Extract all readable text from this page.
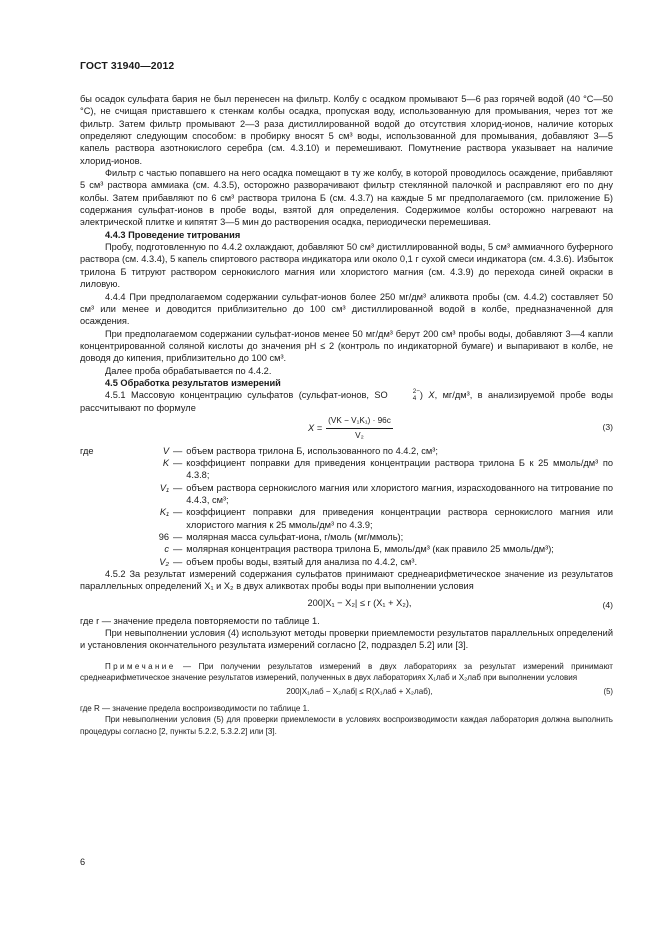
ГОСТ 31940—2012

бы осадок сульфата бария не был перенесен на фильтр. Колбу с осадком промывают 5—6 раз горячей водой (40 °С—50 °С), не счищая приставшего к стенкам колбы осадка, пропуская воду, использованную для промывания, через тот же фильтр. Затем фильтр промывают 2—3 раза дистиллированной водой до отсутствия хлорид-ионов, наличие которых определяют следующим способом: в пробирку вносят 5 см³ воды, использованной для промывания, добавляют 3—5 капель раствора азотнокислого серебра (см. 4.3.10) и перемешивают. Помутнение раствора указывает на наличие хлорид-ионов.

Фильтр с частью попавшего на него осадка помещают в ту же колбу, в которой проводилось осаждение, прибавляют 5 см³ раствора аммиака (см. 4.3.5), осторожно разворачивают фильтр стеклянной палочкой и расправляют его по дну колбы. Затем прибавляют по 6 см³ раствора трилона Б (см. 4.3.7) на каждые 5 мг предполагаемого (см. приложение Б) содержания сульфат-ионов в пробе воды, взятой для определения. Содержимое колбы осторожно нагревают на электрической плитке и кипятят 3—5 мин до растворения осадка, периодически перемешивая.

4.4.3 Проведение титрования

Пробу, подготовленную по 4.4.2 охлаждают, добавляют 50 см³ дистиллированной воды, 5 см³ аммиачного буферного раствора (см. 4.3.4), 5 капель спиртового раствора индикатора или около 0,1 г сухой смеси индикатора (см. 4.3.6). Избыток трилона Б титруют раствором сернокислого магния или хлористого магния (см. 4.3.9) до перехода синей окраски в лиловую.

4.4.4 При предполагаемом содержании сульфат-ионов более 250 мг/дм³ аликвота пробы (см. 4.4.2) составляет 50 см³ или менее и доводится приблизительно до 100 см³ дистиллированной водой в колбе, предназначенной для осаждения.

При предполагаемом содержании сульфат-ионов менее 50 мг/дм³ берут 200 см³ пробы воды, добавляют 3—4 капли концентрированной соляной кислоты до значения pH ≤ 2 (контроль по индикаторной бумаге) и выпаривают в колбе, не доводя до кипения, приблизительно до 100 см³.

Далее проба обрабатывается по 4.4.2.

4.5 Обработка результатов измерений

4.5.1 Массовую концентрацию сульфатов (сульфат-ионов, SO	2−
4 ) X, мг/дм³, в анализируемой пробе воды рассчитывают по формуле

$X = \frac{\text{(VK − V₁K₁) · 96c}}{\text{V₂}}$	(3)
где	V — объем раствора трилона Б, использованного по 4.4.2, см³;
K — коэффициент поправки для приведения концентрации раствора трилона Б к 25 ммоль/дм³ по 4.3.8;
V₁ — объем раствора сернокислого магния или хлористого магния, израсходованного на титрование по 4.4.3, см³;
K₁ — коэффициент поправки для приведения концентрации раствора сернокислого магния или хлористого магния к 25 ммоль/дм³ по 4.3.9;
96 — молярная масса сульфат-иона, г/моль (мг/ммоль);
c — молярная концентрация раствора трилона Б, ммоль/дм³ (как правило 25 ммоль/дм³);
V₂ — объем пробы воды, взятый для анализа по 4.4.2, см³.

4.5.2 За результат измерений содержания сульфатов принимают среднеарифметическое значение из результатов параллельных определений X₁ и X₂ в двух аликвотах пробы воды при выполнении условия

200|X₁ − X₂| ≤ r (X₁ + X₂),	(4)

где r — значение предела повторяемости по таблице 1.

При невыполнении условия (4) используют методы проверки приемлемости результатов параллельных определений и установления окончательного результата измерений согласно [2, подраздел 5.2] или [3].

Примечание — При получении результатов измерений в двух лабораториях за результат измерений принимают среднеарифметическое значение результатов измерений, полученных в двух лабораториях X₁лаб и X₂лаб при выполнении условия

200|X₁лаб − X₂лаб| ≤ R(X₁лаб + X₂лаб),	(5)

где R — значение предела воспроизводимости по таблице 1.

При невыполнении условия (5) для проверки приемлемости в условиях воспроизводимости каждая лаборатория должна выполнить процедуры согласно [2, пункты 5.2.2, 5.3.2.2] или [3].

6
